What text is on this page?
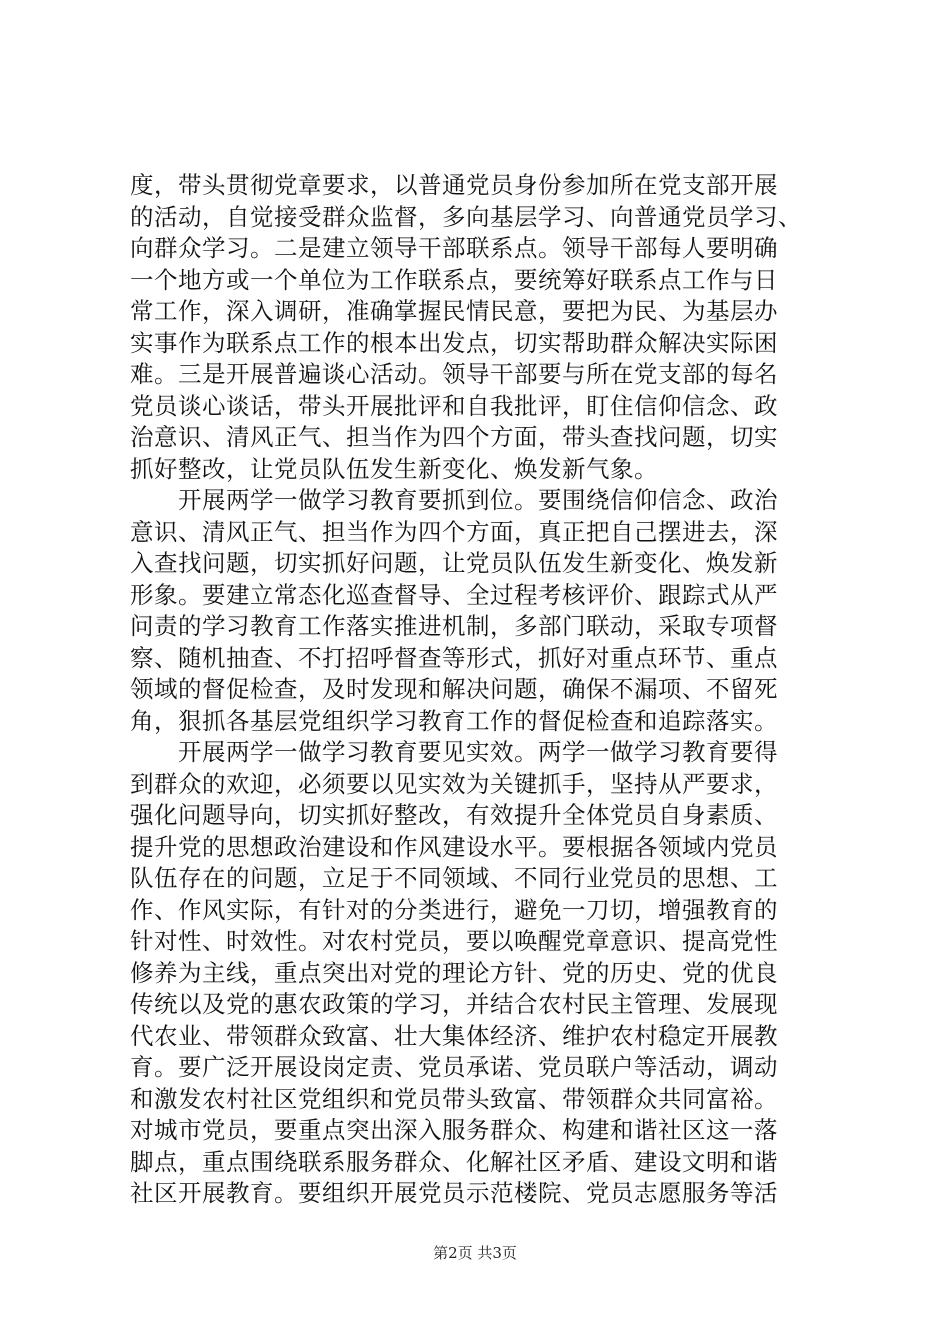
度，带头贯彻党章要求，以普通党员身份参加所在党支部开展
的活动，自觉接受群众监督，多向基层学习、向普通党员学习、
向群众学习。二是建立领导干部联系点。领导干部每人要明确
一个地方或一个单位为工作联系点，要统筹好联系点工作与日
常工作，深入调研，准确掌握民情民意，要把为民、为基层办
实事作为联系点工作的根本出发点，切实帮助群众解决实际困
难。三是开展普遍谈心活动。领导干部要与所在党支部的每名
党员谈心谈话，带头开展批评和自我批评，盯住信仰信念、政
治意识、清风正气、担当作为四个方面，带头查找问题，切实
抓好整改，让党员队伍发生新变化、焕发新气象。
　　开展两学一做学习教育要抓到位。要围绕信仰信念、政治
意识、清风正气、担当作为四个方面，真正把自己摆进去，深
入查找问题，切实抓好问题，让党员队伍发生新变化、焕发新
形象。要建立常态化巡查督导、全过程考核评价、跟踪式从严
问责的学习教育工作落实推进机制，多部门联动，采取专项督
察、随机抽查、不打招呼督查等形式，抓好对重点环节、重点
领域的督促检查，及时发现和解决问题，确保不漏项、不留死
角，狠抓各基层党组织学习教育工作的督促检查和追踪落实。
　　开展两学一做学习教育要见实效。两学一做学习教育要得
到群众的欢迎，必须要以见实效为关键抓手，坚持从严要求，
强化问题导向，切实抓好整改，有效提升全体党员自身素质、
提升党的思想政治建设和作风建设水平。要根据各领域内党员
队伍存在的问题，立足于不同领域、不同行业党员的思想、工
作、作风实际，有针对的分类进行，避免一刀切，增强教育的
针对性、时效性。对农村党员，要以唤醒党章意识、提高党性
修养为主线，重点突出对党的理论方针、党的历史、党的优良
传统以及党的惠农政策的学习，并结合农村民主管理、发展现
代农业、带领群众致富、壮大集体经济、维护农村稳定开展教
育。要广泛开展设岗定责、党员承诺、党员联户等活动，调动
和激发农村社区党组织和党员带头致富、带领群众共同富裕。
对城市党员，要重点突出深入服务群众、构建和谐社区这一落
脚点，重点围绕联系服务群众、化解社区矛盾、建设文明和谐
社区开展教育。要组织开展党员示范楼院、党员志愿服务等活
第2页 共3页
